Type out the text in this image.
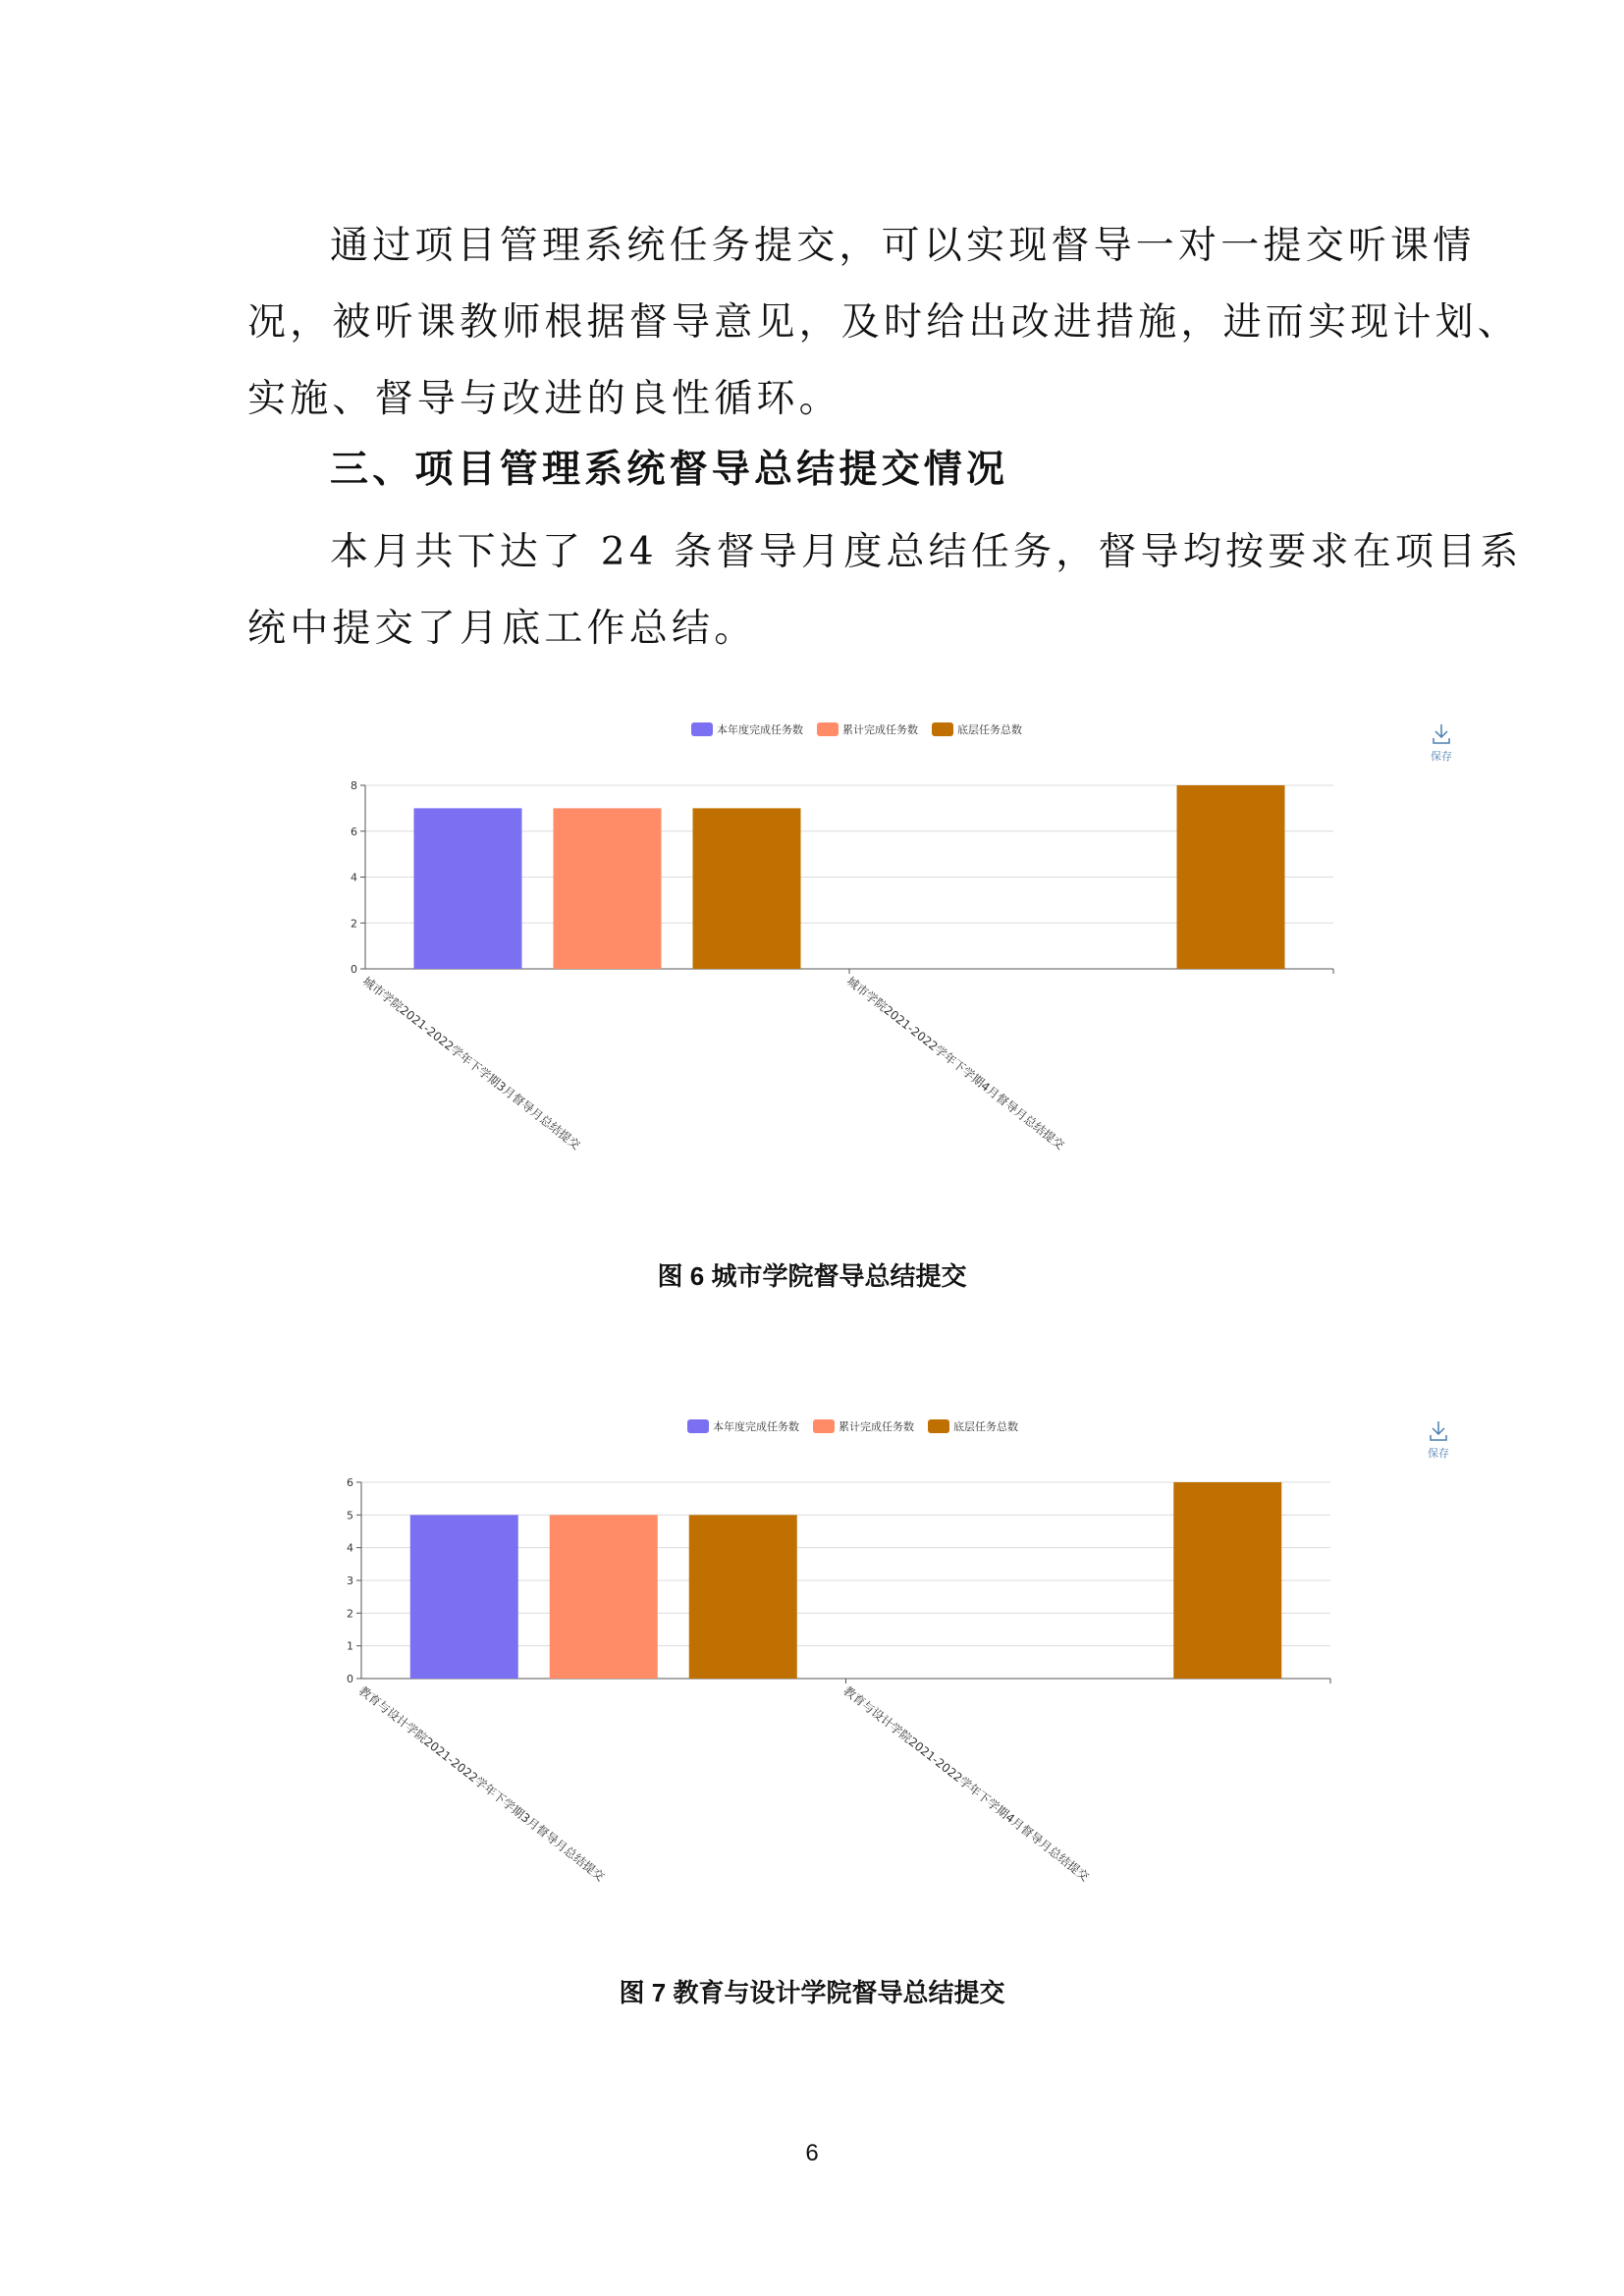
通过项目管理系统任务提交，可以实现督导一对一提交听课情
况，被听课教师根据督导意见，及时给出改进措施，进而实现计划、
实施、督导与改进的良性循环。
三、项目管理系统督导总结提交情况
本月共下达了 24 条督导月度总结任务，督导均按要求在项目系
统中提交了月底工作总结。
本年度完成任务数	累计完成任务数	底层任务总数
保存
0
2
4
6
8
城市学院2021-2022学年下学期3月督导月总结提交	城市学院2021-2022学年下学期4月督导月总结提交
图 6 城市学院督导总结提交
本年度完成任务数	累计完成任务数	底层任务总数
保存
0
1
2
3
4
5
6
教育与设计学院2021-2022学年下学期3月督导月总结提交	教育与设计学院2021-2022学年下学期4月督导月总结提交
图 7 教育与设计学院督导总结提交
6
